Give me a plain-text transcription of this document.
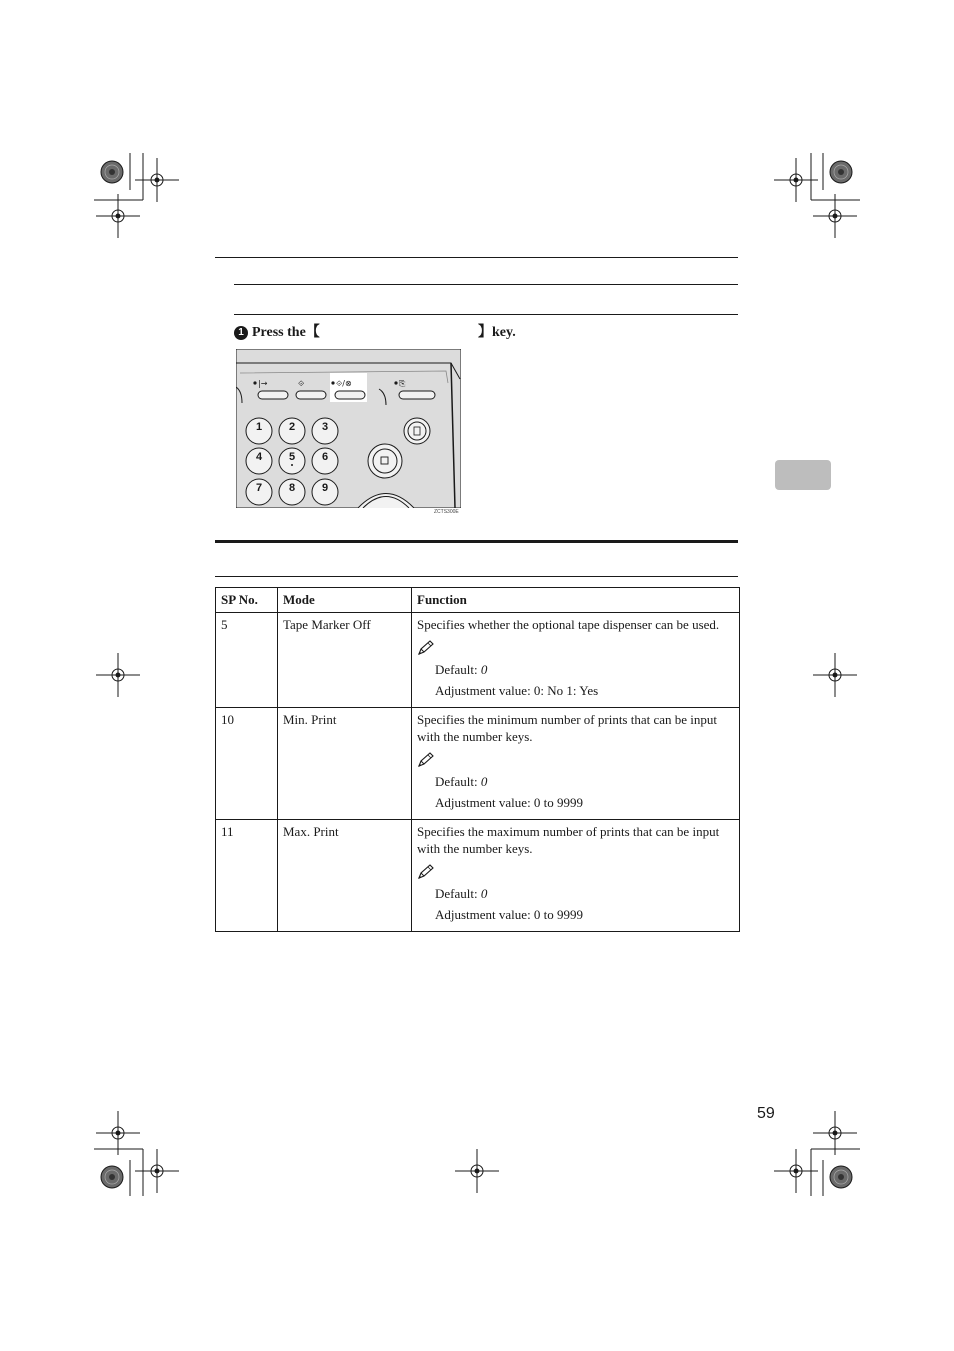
1 Press the【	】key.
|→	⟐	⟐/⊗	⎘
1 2 3
4 5 6
7 8 9
ZCTS300E
SP No.	Mode	Function
5	Tape Marker Off	Specifies whether the optional tape dispenser can be used.
Default: 0
Adjustment value: 0: No 1: Yes

10	Min. Print	Specifies the minimum number of prints that can be input with the number keys.
Default: 0
Adjustment value: 0 to 9999

11	Max. Print	Specifies the maximum number of prints that can be input with the number keys.
Default: 0
Adjustment value: 0 to 9999
59
